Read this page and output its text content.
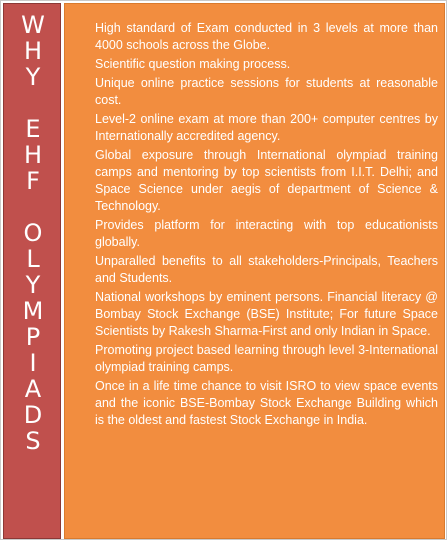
W
H
Y
E
H
F
O
L
Y
M
P
I
A
D
S
High standard of Exam conducted in 3 levels at more than 4000 schools across the Globe.
Scientific question making process.
Unique online practice sessions for students at reasonable cost.
Level-2 online exam at more than 200+ computer centres by Internationally accredited agency.
Global exposure through International olympiad training camps and mentoring by top scientists from I.I.T. Delhi; and Space Science under aegis of department of Science & Technology.
Provides platform for interacting with top educationists globally.
Unparalled benefits to all stakeholders-Principals, Teachers and Students.
National workshops by eminent persons. Financial literacy @ Bombay Stock Exchange (BSE) Institute; For future Space Scientists by Rakesh Sharma-First and only Indian in Space.
Promoting project based learning through level 3-International olympiad training camps.
Once in a life time chance to visit ISRO to view space events and the iconic BSE-Bombay Stock Exchange Building which is the oldest and fastest Stock Exchange in India.
